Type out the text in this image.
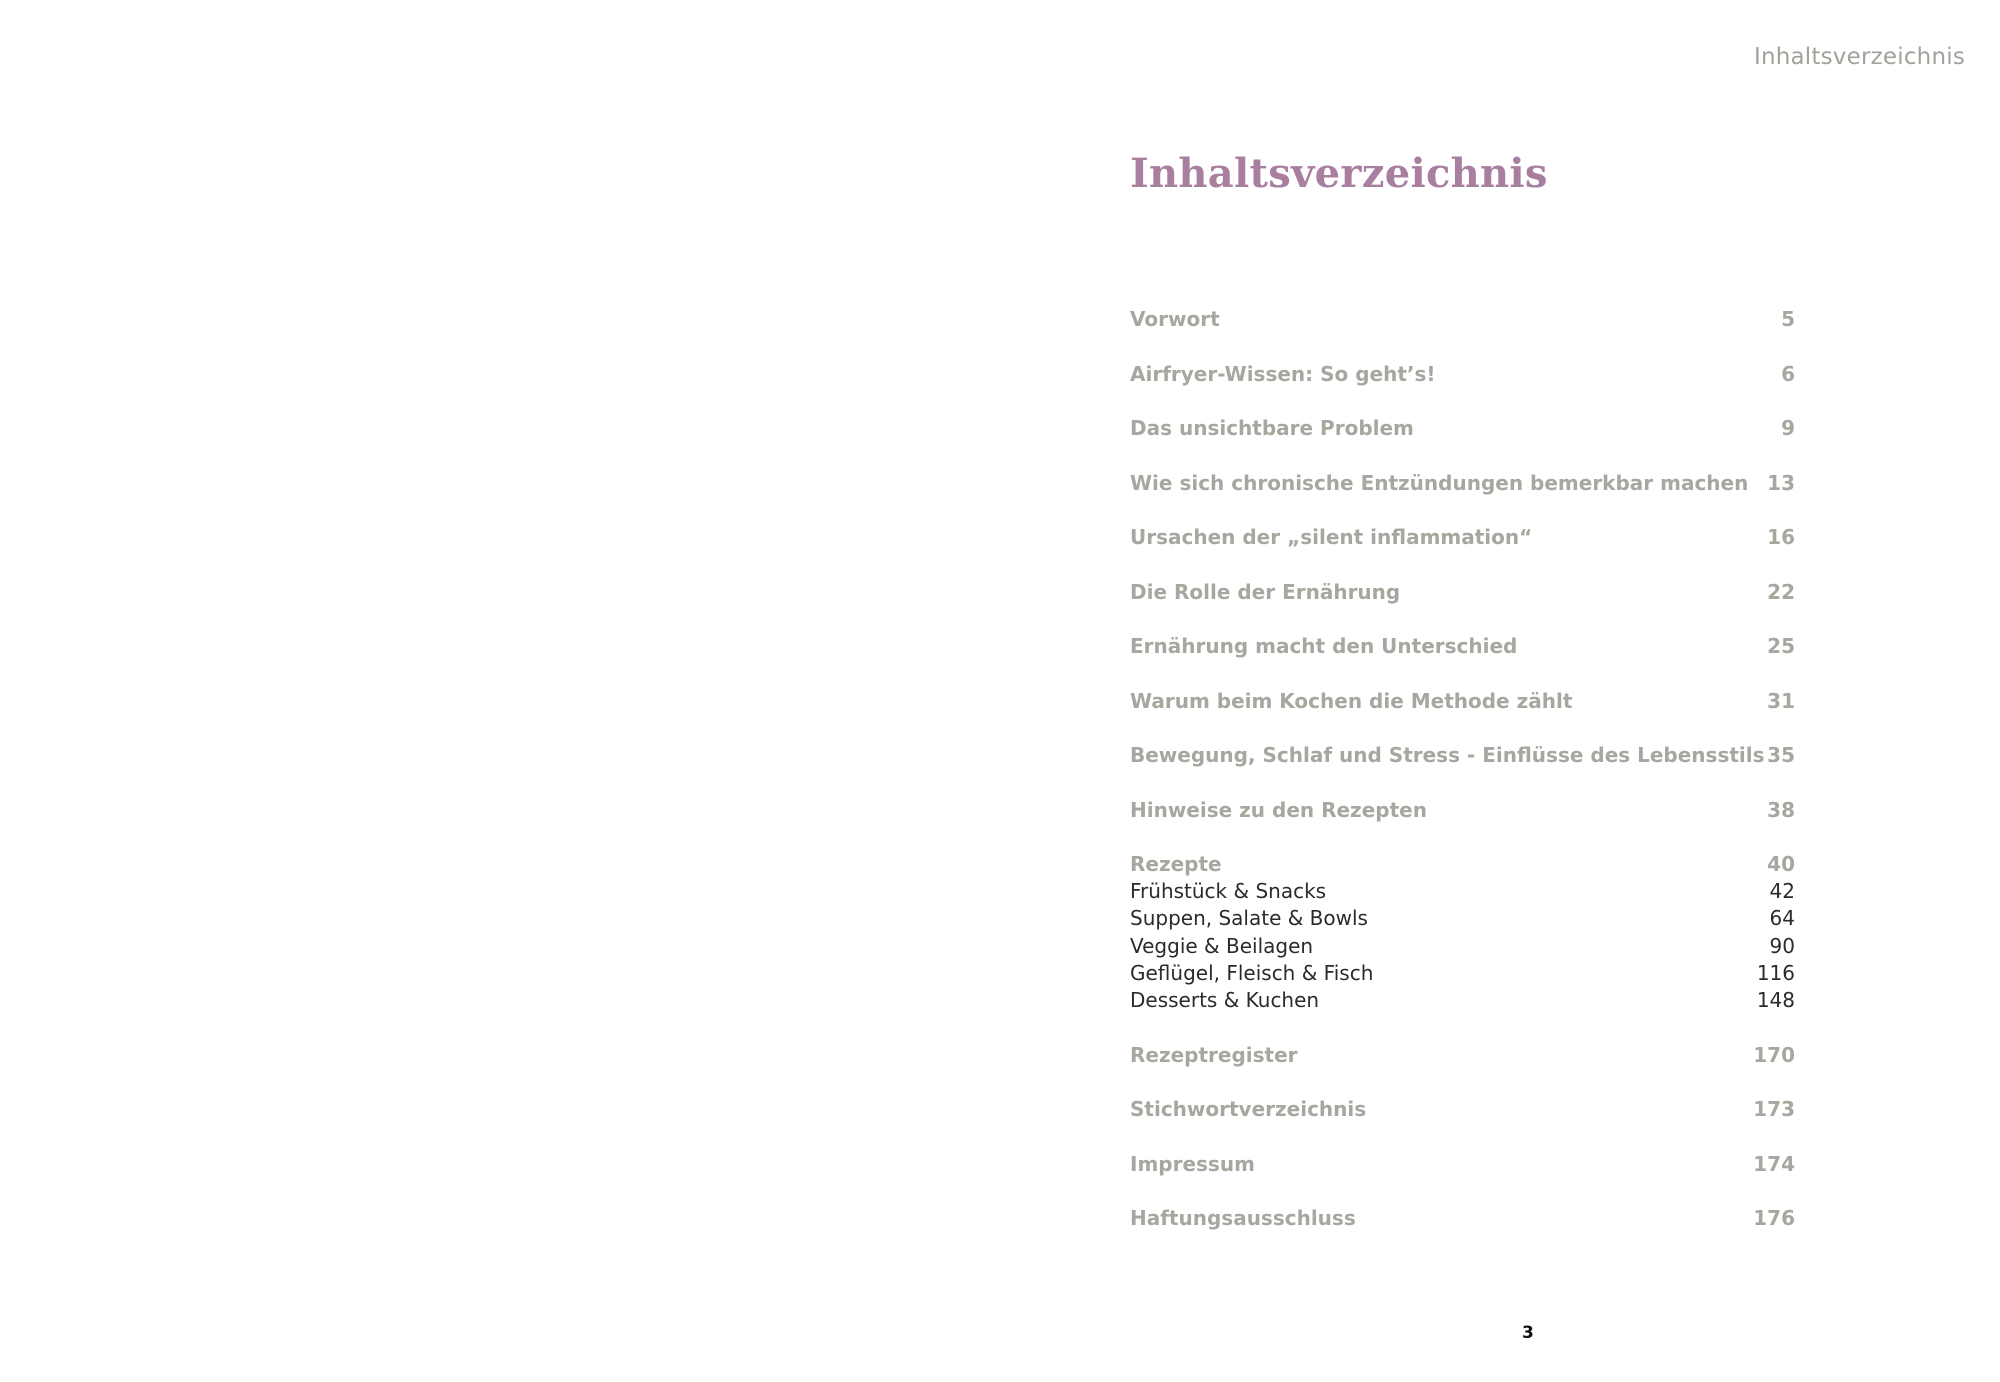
Inhaltsverzeichnis
Inhaltsverzeichnis
Vorwort	5
Airfryer-Wissen: So geht’s!	6
Das unsichtbare Problem	9
Wie sich chronische Entzündungen bemerkbar machen 13
Ursachen der „silent inflammation“	16
Die Rolle der Ernährung	22
Ernährung macht den Unterschied	25
Warum beim Kochen die Methode zählt	31
Bewegung, Schlaf und Stress - Einflüsse des Lebensstils 35
Hinweise zu den Rezepten	38
Rezepte	40
Frühstück & Snacks	42
Suppen, Salate & Bowls	64
Veggie & Beilagen	90
Geflügel, Fleisch & Fisch	116
Desserts & Kuchen	148
Rezeptregister	170
Stichwortverzeichnis	173
Impressum	174
Haftungsausschluss	176
3
